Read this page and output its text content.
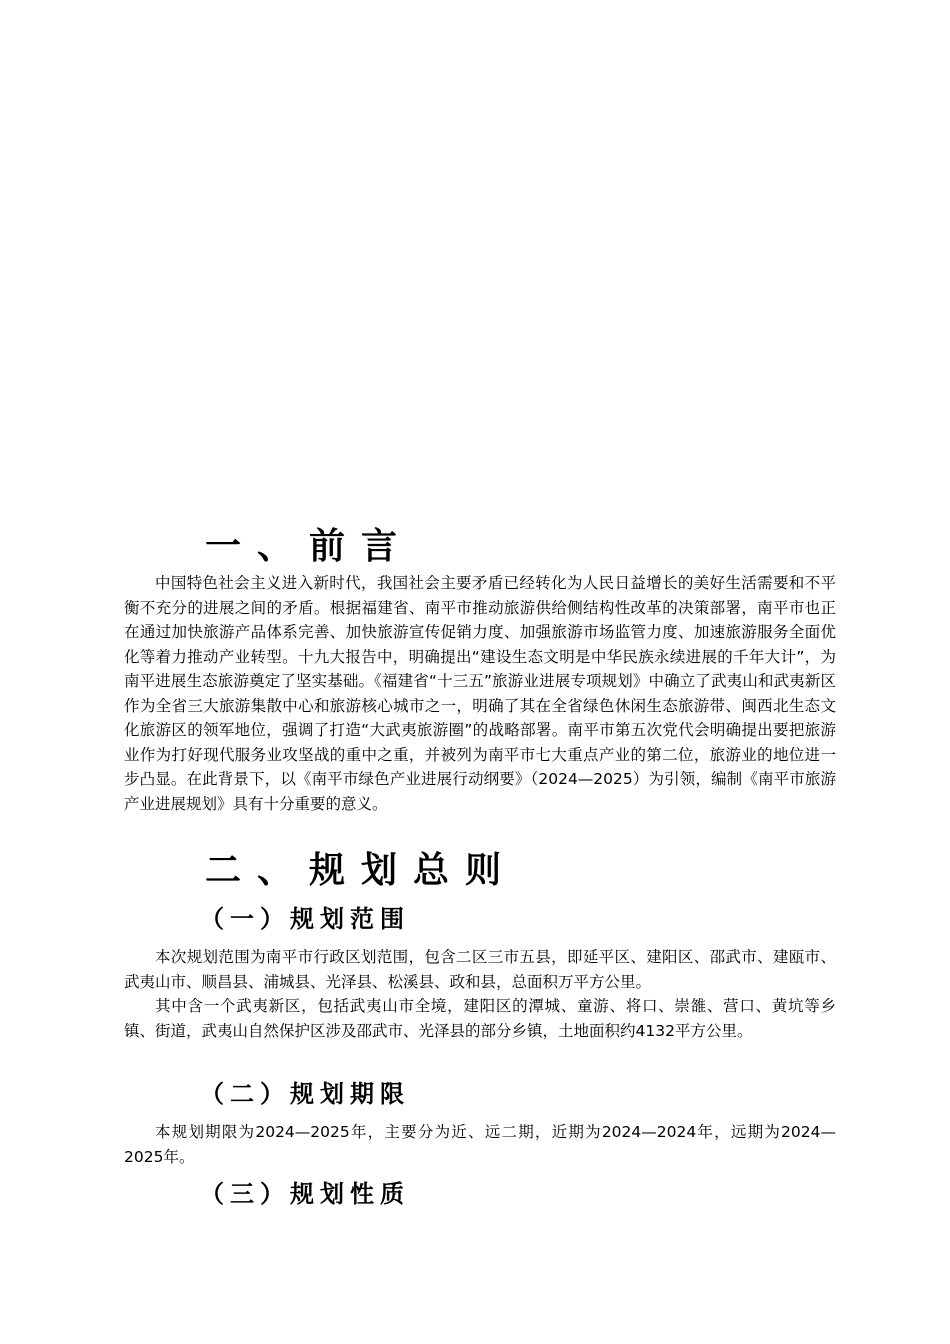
一、前言

中国特色社会主义进入新时代，我国社会主要矛盾已经转化为人民日益增长的美好生活需要和不平衡不充分的进展之间的矛盾。根据福建省、南平市推动旅游供给侧结构性改革的决策部署，南平市也正在通过加快旅游产品体系完善、加快旅游宣传促销力度、加强旅游市场监管力度、加速旅游服务全面优化等着力推动产业转型。十九大报告中，明确提出“建设生态文明是中华民族永续进展的千年大计”，为南平进展生态旅游奠定了坚实基础。《福建省“十三五”旅游业进展专项规划》中确立了武夷山和武夷新区作为全省三大旅游集散中心和旅游核心城市之一，明确了其在全省绿色休闲生态旅游带、闽西北生态文化旅游区的领军地位，强调了打造“大武夷旅游圈”的战略部署。南平市第五次党代会明确提出要把旅游业作为打好现代服务业攻坚战的重中之重，并被列为南平市七大重点产业的第二位，旅游业的地位进一步凸显。在此背景下，以《南平市绿色产业进展行动纲要》（2024—2025）为引领，编制《南平市旅游产业进展规划》具有十分重要的意义。

二、规划总则
（一）规划范围

本次规划范围为南平市行政区划范围，包含二区三市五县，即延平区、建阳区、邵武市、建瓯市、武夷山市、顺昌县、浦城县、光泽县、松溪县、政和县，总面积万平方公里。

其中含一个武夷新区，包括武夷山市全境，建阳区的潭城、童游、将口、崇雒、营口、黄坑等乡镇、街道，武夷山自然保护区涉及邵武市、光泽县的部分乡镇，土地面积约4132平方公里。

（二）规划期限

本规划期限为2024—2025年，主要分为近、远二期，近期为2024—2024年，远期为2024—2025年。

（三）规划性质
